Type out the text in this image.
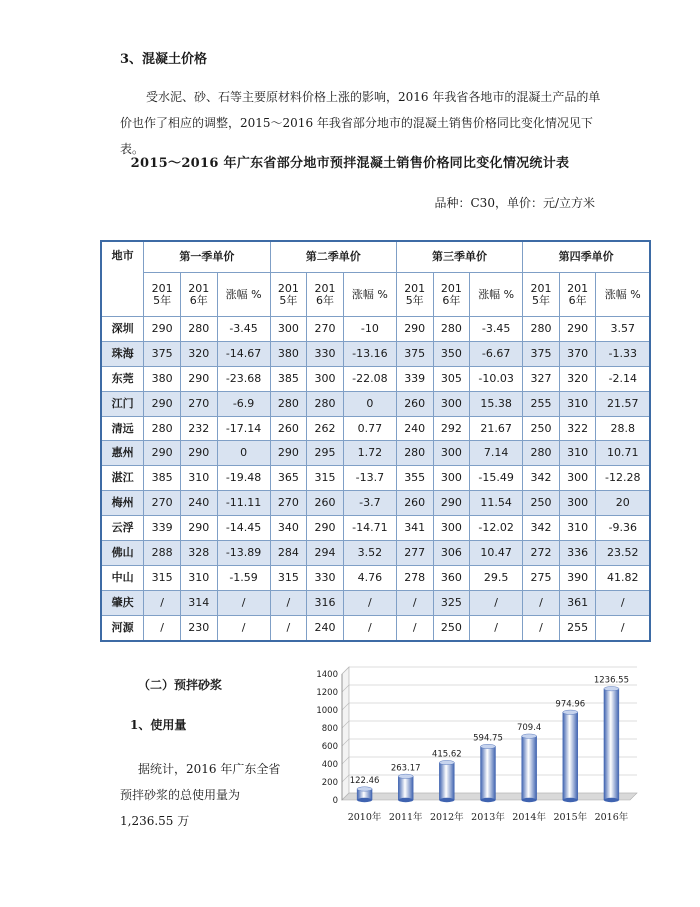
3、混凝土价格
受水泥、砂、石等主要原材料价格上涨的影响，2016 年我省各地市的混凝土产品的单价也作了相应的调整，2015～2016 年我省部分地市的混凝土销售价格同比变化情况见下表。
2015～2016 年广东省部分地市预拌混凝土销售价格同比变化情况统计表
品种：C30，单价：元/立方米
地市	第一季单价			第二季单价			第三季单价			第四季单价		
	2015年	2016年	涨幅 %	2015年	2016年	涨幅 %	2015年	2016年	涨幅 %	2015年	2016年	涨幅 %
深圳	290	280	-3.45	300	270	-10	290	280	-3.45	280	290	3.57
珠海	375	320	-14.67	380	330	-13.16	375	350	-6.67	375	370	-1.33
东莞	380	290	-23.68	385	300	-22.08	339	305	-10.03	327	320	-2.14
江门	290	270	-6.9	280	280	0	260	300	15.38	255	310	21.57
清远	280	232	-17.14	260	262	0.77	240	292	21.67	250	322	28.8
惠州	290	290	0	290	295	1.72	280	300	7.14	280	310	10.71
湛江	385	310	-19.48	365	315	-13.7	355	300	-15.49	342	300	-12.28
梅州	270	240	-11.11	270	260	-3.7	260	290	11.54	250	300	20
云浮	339	290	-14.45	340	290	-14.71	341	300	-12.02	342	310	-9.36
佛山	288	328	-13.89	284	294	3.52	277	306	10.47	272	336	23.52
中山	315	310	-1.59	315	330	4.76	278	360	29.5	275	390	41.82
肇庆	/	314	/	/	316	/	/	325	/	/	361	/
河源	/	230	/	/	240	/	/	250	/	/	255	/
（二）预拌砂浆
1、使用量
据统计，2016 年广东全省预拌砂浆的总使用量为 1,236.55 万
0
200
400
600
800
1000
1200
1400
122.46
2010年
263.17
2011年
415.62
2012年
594.75
2013年
709.4
2014年
974.96
2015年
1236.55
2016年
